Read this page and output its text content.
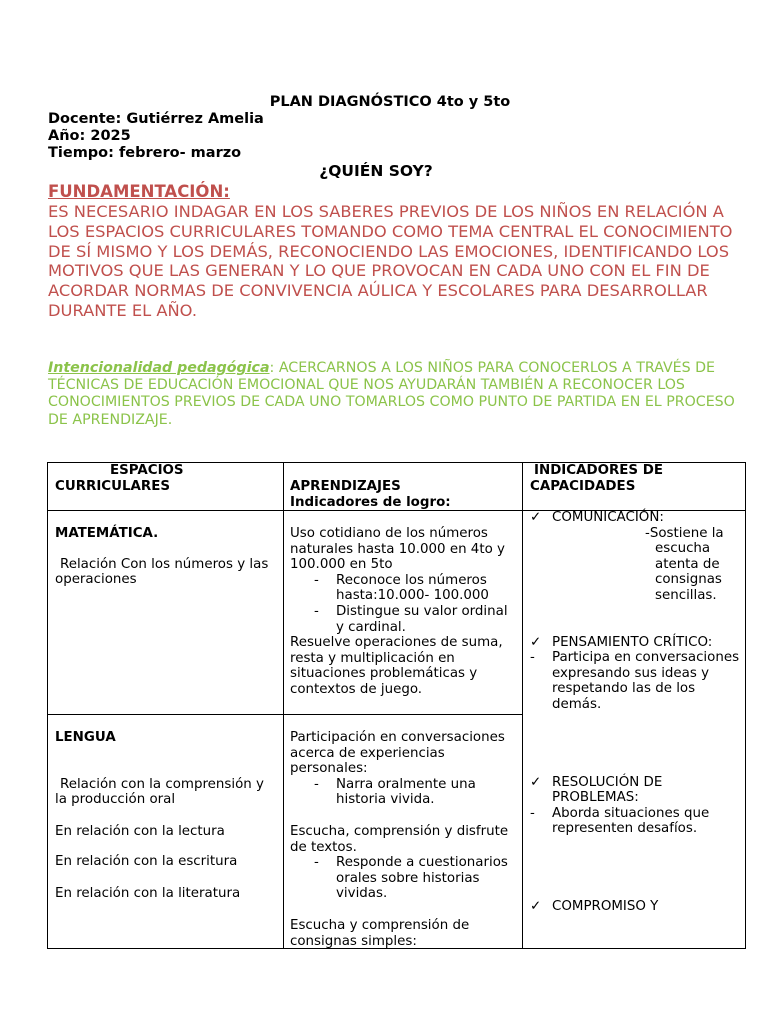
PLAN DIAGNÓSTICO 4to y 5to
Docente: Gutiérrez Amelia
Año: 2025
Tiempo: febrero- marzo
¿QUIÉN SOY?
FUNDAMENTACIÓN:
ES NECESARIO INDAGAR EN LOS SABERES PREVIOS DE LOS NIÑOS EN RELACIÓN A LOS ESPACIOS CURRICULARES TOMANDO COMO TEMA CENTRAL EL CONOCIMIENTO DE SÍ MISMO Y LOS DEMÁS, RECONOCIENDO LAS EMOCIONES, IDENTIFICANDO LOS MOTIVOS QUE LAS GENERAN Y LO QUE PROVOCAN EN CADA UNO CON EL FIN DE ACORDAR NORMAS DE CONVIVENCIA AÚLICA Y ESCOLARES PARA DESARROLLAR DURANTE EL AÑO.
Intencionalidad pedagógica: ACERCARNOS A LOS NIÑOS PARA CONOCERLOS A TRAVÉS DE TÉCNICAS DE EDUCACIÓN EMOCIONAL QUE NOS AYUDARÁN TAMBIÉN A RECONOCER LOS CONOCIMIENTOS PREVIOS DE CADA UNO TOMARLOS COMO PUNTO DE PARTIDA EN EL PROCESO DE APRENDIZAJE.
ESPACIOS
CURRICULARES	APRENDIZAJES
Indicadores de logro:
INDICADORES DE
CAPACIDADES
MATEMÁTICA.
Relación Con los números y las operaciones
Uso cotidiano de los números naturales hasta 10.000 en 4to y 100.000 en 5to
- Reconoce los números hasta:10.000- 100.000
- Distingue su valor ordinal y cardinal.
Resuelve operaciones de suma, resta y multiplicación en situaciones problemáticas y contextos de juego.
LENGUA
Relación con la comprensión y la producción oral
En relación con la lectura
En relación con la escritura
En relación con la literatura
Participación en conversaciones acerca de experiencias personales:
- Narra oralmente una historia vivida.
Escucha, comprensión y disfrute de textos.
- Responde a cuestionarios orales sobre historias vividas.
Escucha y comprensión de consignas simples:
✓ COMUNICACIÓN:
-Sostiene la escucha atenta de consignas sencillas.
✓ PENSAMIENTO CRÍTICO:
- Participa en conversaciones expresando sus ideas y respetando las de los demás.
✓ RESOLUCIÓN DE PROBLEMAS:
- Aborda situaciones que representen desafíos.
✓ COMPROMISO Y
